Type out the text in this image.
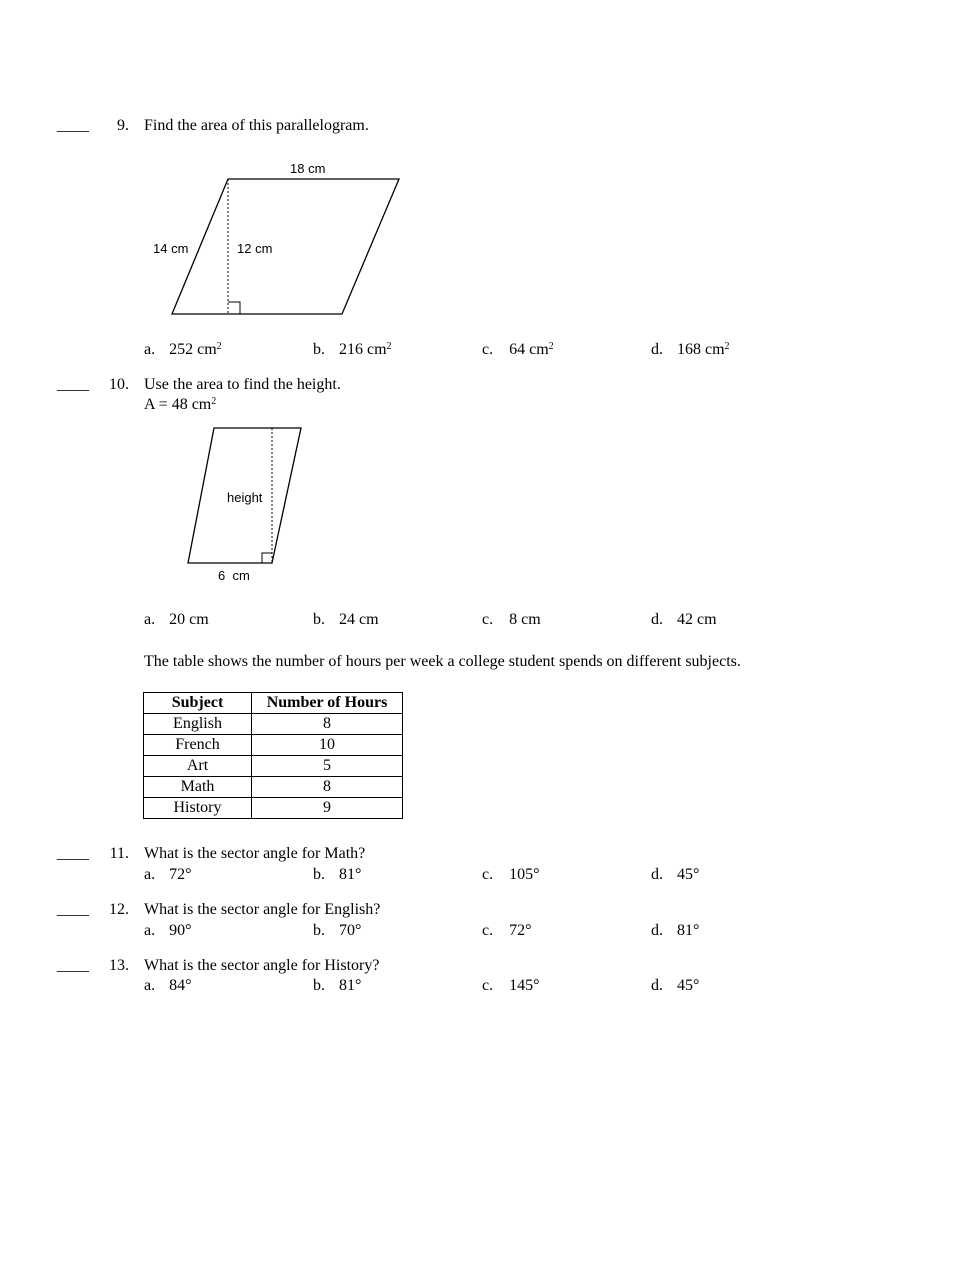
____	9. Find the area of this parallelogram.
18 cm
14 cm	12 cm
a. 252 $cm^2$	b. 216 $cm^2$	c. 64 $cm^2$	d. 168 $cm^2$
____	10. Use the area to find the height.
A = 48 $cm^2$
height
6  cm
a. 20 cm	b. 24 cm	c. 8 cm	d. 42 cm
The table shows the number of hours per week a college student spends on different subjects.
Subject	Number of Hours
English	8
French	10
Art	5
Math	8
History	9
____	11. What is the sector angle for Math?
a. 72°	b. 81°	c. 105°	d. 45°
____	12. What is the sector angle for English?
a. 90°	b. 70°	c. 72°	d. 81°
____	13. What is the sector angle for History?
a. 84°	b. 81°	c. 145°	d. 45°
